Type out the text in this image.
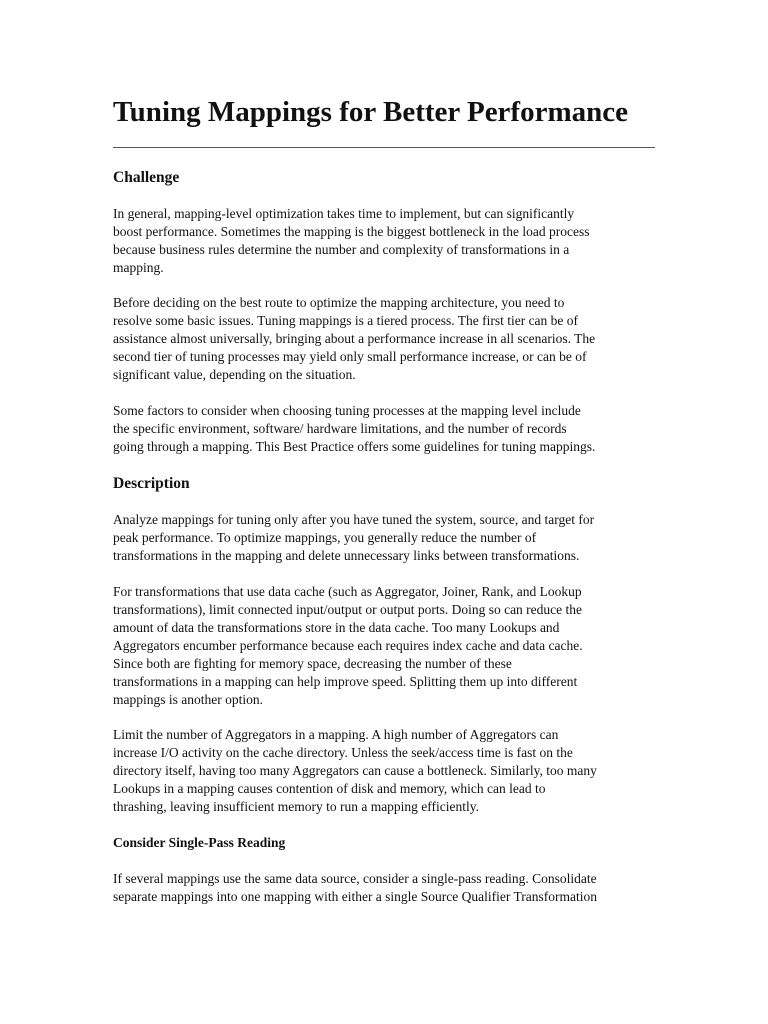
Tuning Mappings for Better Performance
Challenge
In general, mapping-level optimization takes time to implement, but can significantly
boost performance. Sometimes the mapping is the biggest bottleneck in the load process
because business rules determine the number and complexity of transformations in a
mapping.
Before deciding on the best route to optimize the mapping architecture, you need to
resolve some basic issues. Tuning mappings is a tiered process. The first tier can be of
assistance almost universally, bringing about a performance increase in all scenarios. The
second tier of tuning processes may yield only small performance increase, or can be of
significant value, depending on the situation.
Some factors to consider when choosing tuning processes at the mapping level include
the specific environment, software/ hardware limitations, and the number of records
going through a mapping. This Best Practice offers some guidelines for tuning mappings.
Description
Analyze mappings for tuning only after you have tuned the system, source, and target for
peak performance. To optimize mappings, you generally reduce the number of
transformations in the mapping and delete unnecessary links between transformations.
For transformations that use data cache (such as Aggregator, Joiner, Rank, and Lookup
transformations), limit connected input/output or output ports. Doing so can reduce the
amount of data the transformations store in the data cache. Too many Lookups and
Aggregators encumber performance because each requires index cache and data cache.
Since both are fighting for memory space, decreasing the number of these
transformations in a mapping can help improve speed. Splitting them up into different
mappings is another option.
Limit the number of Aggregators in a mapping. A high number of Aggregators can
increase I/O activity on the cache directory. Unless the seek/access time is fast on the
directory itself, having too many Aggregators can cause a bottleneck. Similarly, too many
Lookups in a mapping causes contention of disk and memory, which can lead to
thrashing, leaving insufficient memory to run a mapping efficiently.
Consider Single-Pass Reading
If several mappings use the same data source, consider a single-pass reading. Consolidate
separate mappings into one mapping with either a single Source Qualifier Transformation
